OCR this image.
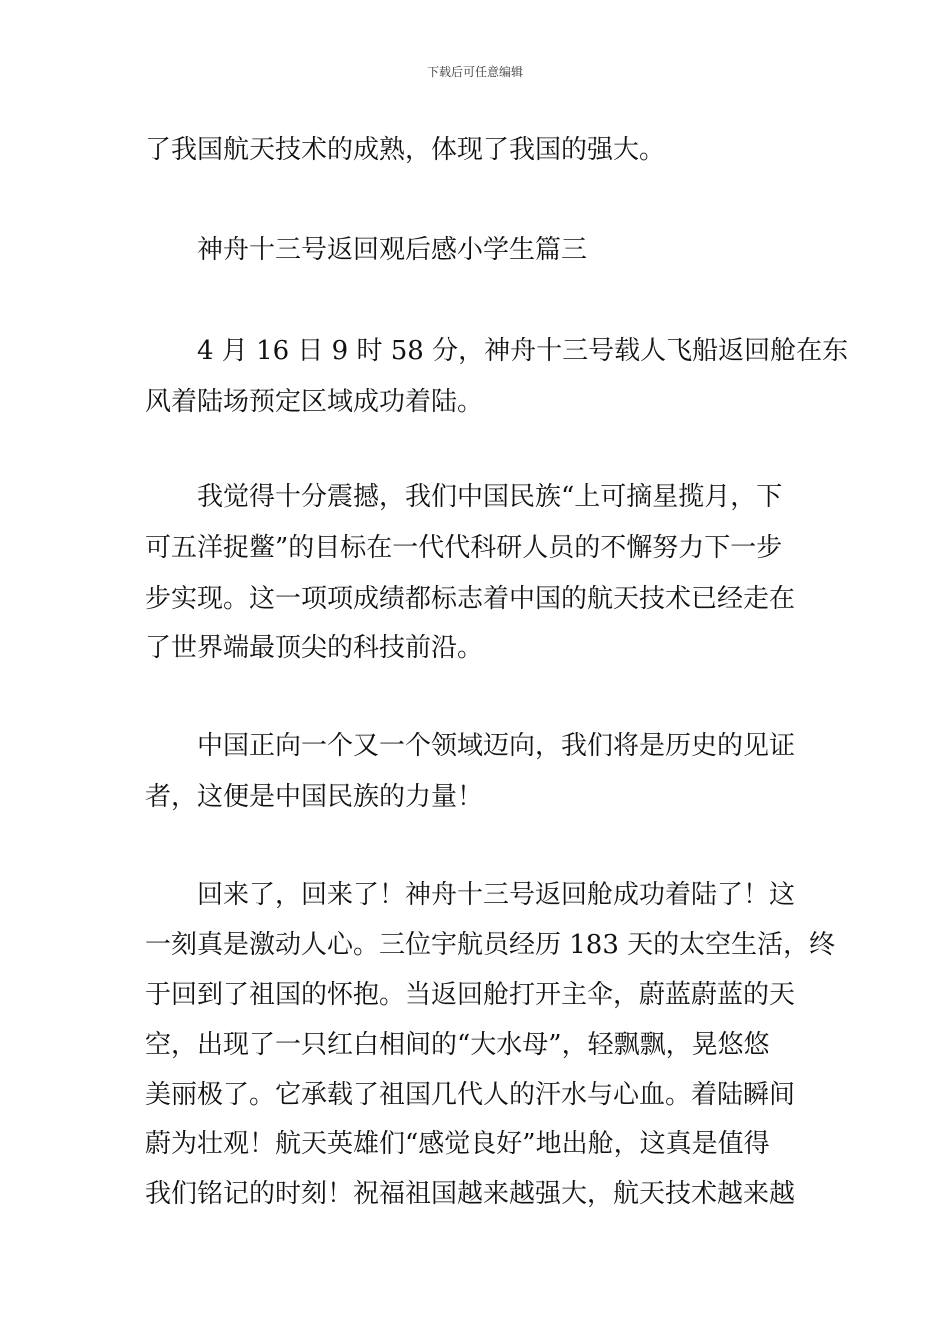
下载后可任意编辑
了我国航天技术的成熟，体现了我国的强大。
神舟十三号返回观后感小学生篇三
4 月 16 日 9 时 58 分，神舟十三号载人飞船返回舱在东
风着陆场预定区域成功着陆。
我觉得十分震撼，我们中国民族“上可摘星揽月，下
可五洋捉鳖”的目标在一代代科研人员的不懈努力下一步
步实现。这一项项成绩都标志着中国的航天技术已经走在
了世界端最顶尖的科技前沿。
中国正向一个又一个领域迈向，我们将是历史的见证
者，这便是中国民族的力量！
回来了，回来了！神舟十三号返回舱成功着陆了！这
一刻真是激动人心。三位宇航员经历 183 天的太空生活，终
于回到了祖国的怀抱。当返回舱打开主伞，蔚蓝蔚蓝的天
空，出现了一只红白相间的“大水母”，轻飘飘，晃悠悠
美丽极了。它承载了祖国几代人的汗水与心血。着陆瞬间
蔚为壮观！航天英雄们“感觉良好”地出舱，这真是值得
我们铭记的时刻！祝福祖国越来越强大，航天技术越来越
